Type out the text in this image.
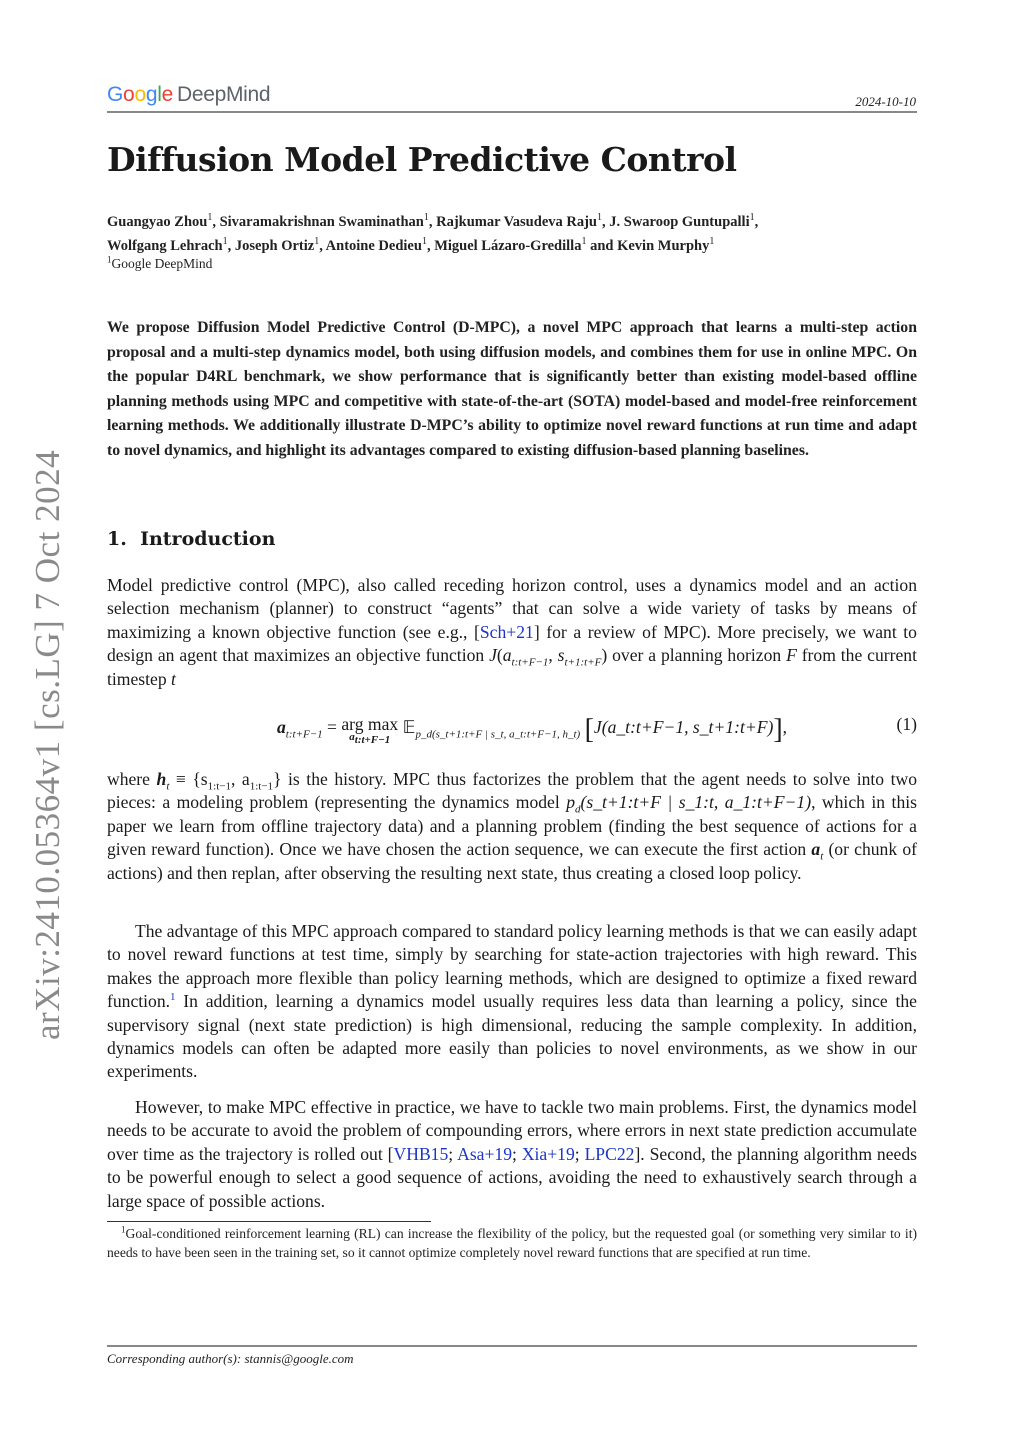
Google DeepMind	2024-10-10
arXiv:2410.05364v1 [cs.LG] 7 Oct 2024
Diffusion Model Predictive Control
Guangyao Zhou$^1$, Sivaramakrishnan Swaminathan$^1$, Rajkumar Vasudeva Raju$^1$, J. Swaroop Guntupalli$^1$,
Wolfgang Lehrach$^1$, Joseph Ortiz$^1$, Antoine Dedieu$^1$, Miguel Lázaro-Gredilla$^1$ and Kevin Murphy$^1$
$^1$Google DeepMind
We propose Diffusion Model Predictive Control (D-MPC), a novel MPC approach that learns a multi-step action proposal and a multi-step dynamics model, both using diffusion models, and combines them for use in online MPC. On the popular D4RL benchmark, we show performance that is significantly better than existing model-based offline planning methods using MPC and competitive with state-of-the-art (SOTA) model-based and model-free reinforcement learning methods. We additionally illustrate D-MPC’s ability to optimize novel reward functions at run time and adapt to novel dynamics, and highlight its advantages compared to existing diffusion-based planning baselines.
1. Introduction
Model predictive control (MPC), also called receding horizon control, uses a dynamics model and an action selection mechanism (planner) to construct “agents” that can solve a wide variety of tasks by means of maximizing a known objective function (see e.g., [Sch+21] for a review of MPC). More precisely, we want to design an agent that maximizes an objective function $J(a_{t:t+F-1}$, $s_{t+1:t+F}$) over a planning horizon F from the current timestep t
$a_{t:t+F-1}$ = arg max
$a_{t:t+F-1}$
𝔼$_{p\_d(s\_t+1:t+F | s\_t, a\_t:t+F-1, h\_t)}$ [J(a_t:t+F−1, s_t+1:t+F)],	(1)
where $h_t \equiv \{s_{1:t-1}$, $a_{1:t-1}$} is the history. MPC thus factorizes the problem that the agent needs to solve into two pieces: a modeling problem (representing the dynamics model $p_d(s\_t+1:t+F$ | s_1:t, a_1:t+F−1), which in this paper we learn from offline trajectory data) and a planning problem (finding the best sequence of actions for a given reward function). Once we have chosen the action sequence, we can execute the first action $a_t$ (or chunk of actions) and then replan, after observing the resulting next state, thus creating a closed loop policy.
The advantage of this MPC approach compared to standard policy learning methods is that we can easily adapt to novel reward functions at test time, simply by searching for state-action trajectories with high reward. This makes the approach more flexible than policy learning methods, which are designed to optimize a fixed reward function.$^1$ In addition, learning a dynamics model usually requires less data than learning a policy, since the supervisory signal (next state prediction) is high dimensional, reducing the sample complexity. In addition, dynamics models can often be adapted more easily than policies to novel environments, as we show in our experiments.
However, to make MPC effective in practice, we have to tackle two main problems. First, the dynamics model needs to be accurate to avoid the problem of compounding errors, where errors in next state prediction accumulate over time as the trajectory is rolled out [VHB15; Asa+19; Xia+19; LPC22]. Second, the planning algorithm needs to be powerful enough to select a good sequence of actions, avoiding the need to exhaustively search through a large space of possible actions.
$^1$Goal-conditioned reinforcement learning (RL) can increase the flexibility of the policy, but the requested goal (or something very similar to it) needs to have been seen in the training set, so it cannot optimize completely novel reward functions that are specified at run time.
Corresponding author(s): stannis@google.com
